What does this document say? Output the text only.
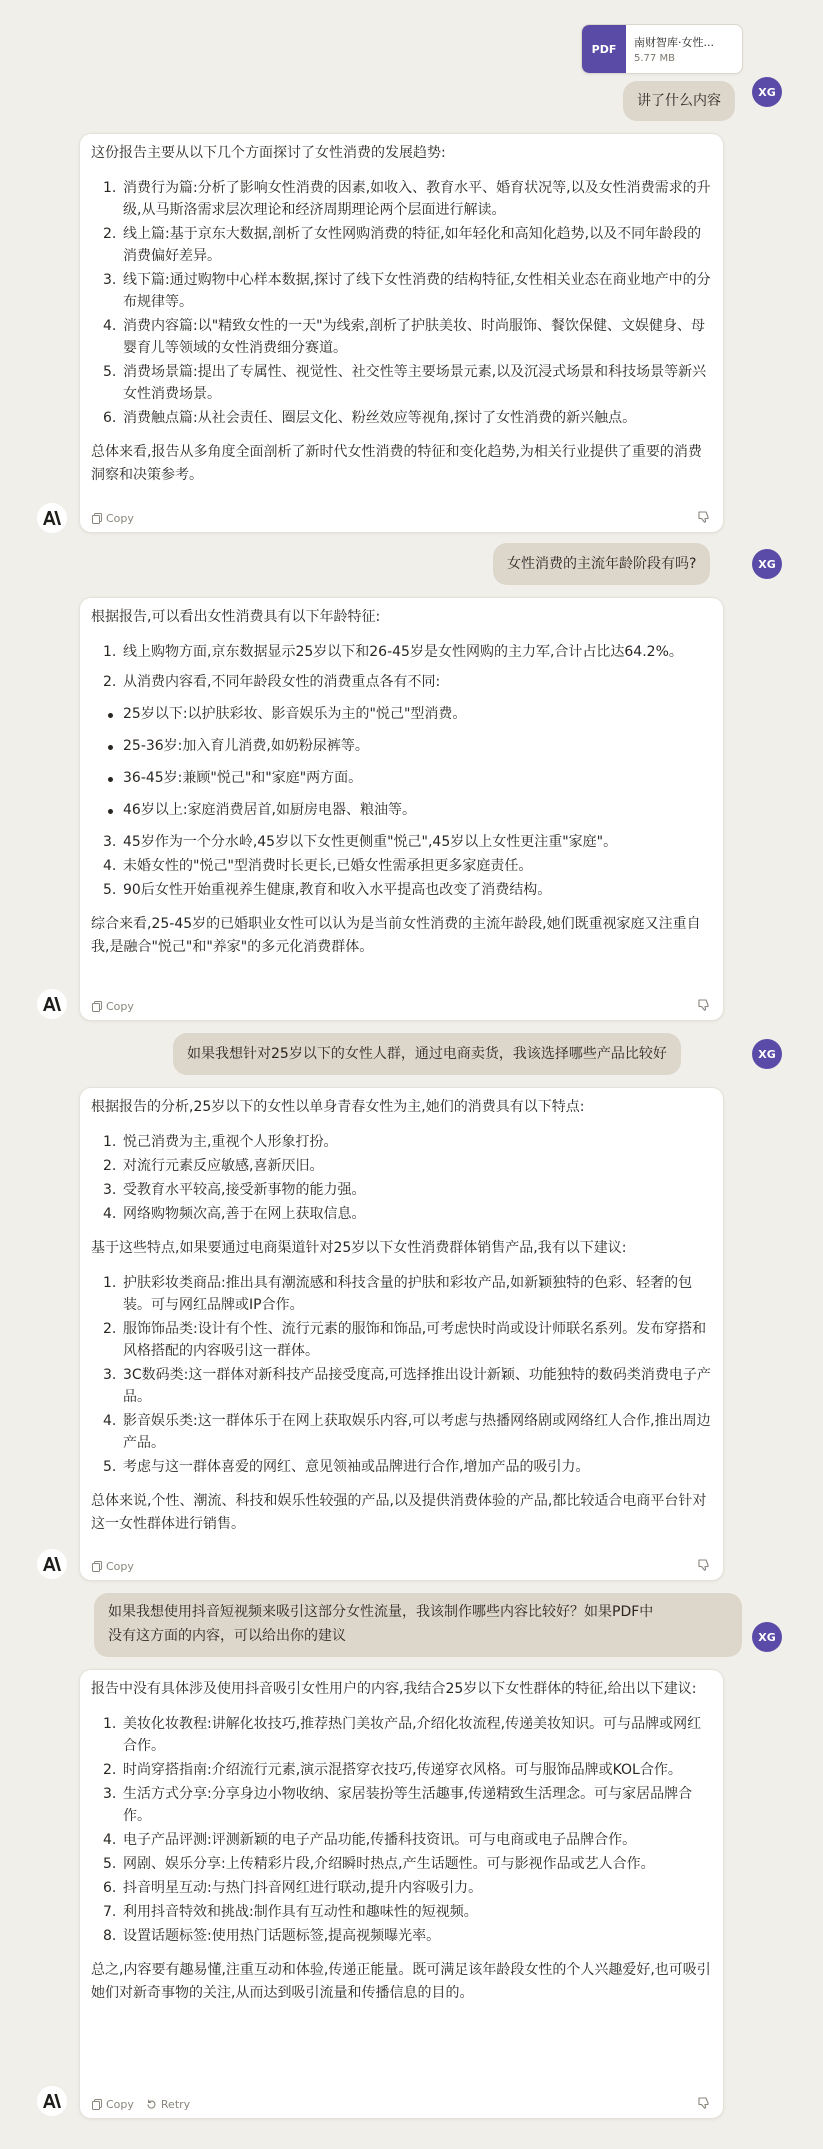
PDF	南财智库·女性...
5.77 MB
讲了什么内容
XG

这份报告主要从以下几个方面探讨了女性消费的发展趋势:

1. 消费行为篇:分析了影响女性消费的因素,如收入、教育水平、婚育状况等,以及女性消费需求的升级,从马斯洛需求层次理论和经济周期理论两个层面进行解读。
2. 线上篇:基于京东大数据,剖析了女性网购消费的特征,如年轻化和高知化趋势,以及不同年龄段的消费偏好差异。
3. 线下篇:通过购物中心样本数据,探讨了线下女性消费的结构特征,女性相关业态在商业地产中的分布规律等。
4. 消费内容篇:以"精致女性的一天"为线索,剖析了护肤美妆、时尚服饰、餐饮保健、文娱健身、母婴育儿等领域的女性消费细分赛道。
5. 消费场景篇:提出了专属性、视觉性、社交性等主要场景元素,以及沉浸式场景和科技场景等新兴女性消费场景。
6. 消费触点篇:从社会责任、圈层文化、粉丝效应等视角,探讨了女性消费的新兴触点。

总体来看,报告从多角度全面剖析了新时代女性消费的特征和变化趋势,为相关行业提供了重要的消费洞察和决策参考。

Copy
女性消费的主流年龄阶段有吗?	XG

根据报告,可以看出女性消费具有以下年龄特征:

1. 线上购物方面,京东数据显示25岁以下和26-45岁是女性网购的主力军,合计占比达64.2%。
2. 从消费内容看,不同年龄段女性的消费重点各有不同:
25岁以下:以护肤彩妆、影音娱乐为主的"悦己"型消费。
25-36岁:加入育儿消费,如奶粉尿裤等。
36-45岁:兼顾"悦己"和"家庭"两方面。
46岁以上:家庭消费居首,如厨房电器、粮油等。
3. 45岁作为一个分水岭,45岁以下女性更侧重"悦己",45岁以上女性更注重"家庭"。
4. 未婚女性的"悦己"型消费时长更长,已婚女性需承担更多家庭责任。
5. 90后女性开始重视养生健康,教育和收入水平提高也改变了消费结构。

综合来看,25-45岁的已婚职业女性可以认为是当前女性消费的主流年龄段,她们既重视家庭又注重自我,是融合"悦己"和"养家"的多元化消费群体。

Copy
如果我想针对25岁以下的女性人群，通过电商卖货，我该选择哪些产品比较好	XG

根据报告的分析,25岁以下的女性以单身青春女性为主,她们的消费具有以下特点:

1. 悦己消费为主,重视个人形象打扮。
2. 对流行元素反应敏感,喜新厌旧。
3. 受教育水平较高,接受新事物的能力强。
4. 网络购物频次高,善于在网上获取信息。

基于这些特点,如果要通过电商渠道针对25岁以下女性消费群体销售产品,我有以下建议:

1. 护肤彩妆类商品:推出具有潮流感和科技含量的护肤和彩妆产品,如新颖独特的色彩、轻奢的包装。可与网红品牌或IP合作。
2. 服饰饰品类:设计有个性、流行元素的服饰和饰品,可考虑快时尚或设计师联名系列。发布穿搭和风格搭配的内容吸引这一群体。
3. 3C数码类:这一群体对新科技产品接受度高,可选择推出设计新颖、功能独特的数码类消费电子产品。
4. 影音娱乐类:这一群体乐于在网上获取娱乐内容,可以考虑与热播网络剧或网络红人合作,推出周边产品。
5. 考虑与这一群体喜爱的网红、意见领袖或品牌进行合作,增加产品的吸引力。

总体来说,个性、潮流、科技和娱乐性较强的产品,以及提供消费体验的产品,都比较适合电商平台针对这一女性群体进行销售。

Copy
如果我想使用抖音短视频来吸引这部分女性流量，我该制作哪些内容比较好？如果PDF中
没有这方面的内容，可以给出你的建议	XG

报告中没有具体涉及使用抖音吸引女性用户的内容,我结合25岁以下女性群体的特征,给出以下建议:

1. 美妆化妆教程:讲解化妆技巧,推荐热门美妆产品,介绍化妆流程,传递美妆知识。可与品牌或网红合作。
2. 时尚穿搭指南:介绍流行元素,演示混搭穿衣技巧,传递穿衣风格。可与服饰品牌或KOL合作。
3. 生活方式分享:分享身边小物收纳、家居装扮等生活趣事,传递精致生活理念。可与家居品牌合作。
4. 电子产品评测:评测新颖的电子产品功能,传播科技资讯。可与电商或电子品牌合作。
5. 网剧、娱乐分享:上传精彩片段,介绍瞬时热点,产生话题性。可与影视作品或艺人合作。
6. 抖音明星互动:与热门抖音网红进行联动,提升内容吸引力。
7. 利用抖音特效和挑战:制作具有互动性和趣味性的短视频。
8. 设置话题标签:使用热门话题标签,提高视频曝光率。

总之,内容要有趣易懂,注重互动和体验,传递正能量。既可满足该年龄段女性的个人兴趣爱好,也可吸引她们对新奇事物的关注,从而达到吸引流量和传播信息的目的。

Copy Retry
